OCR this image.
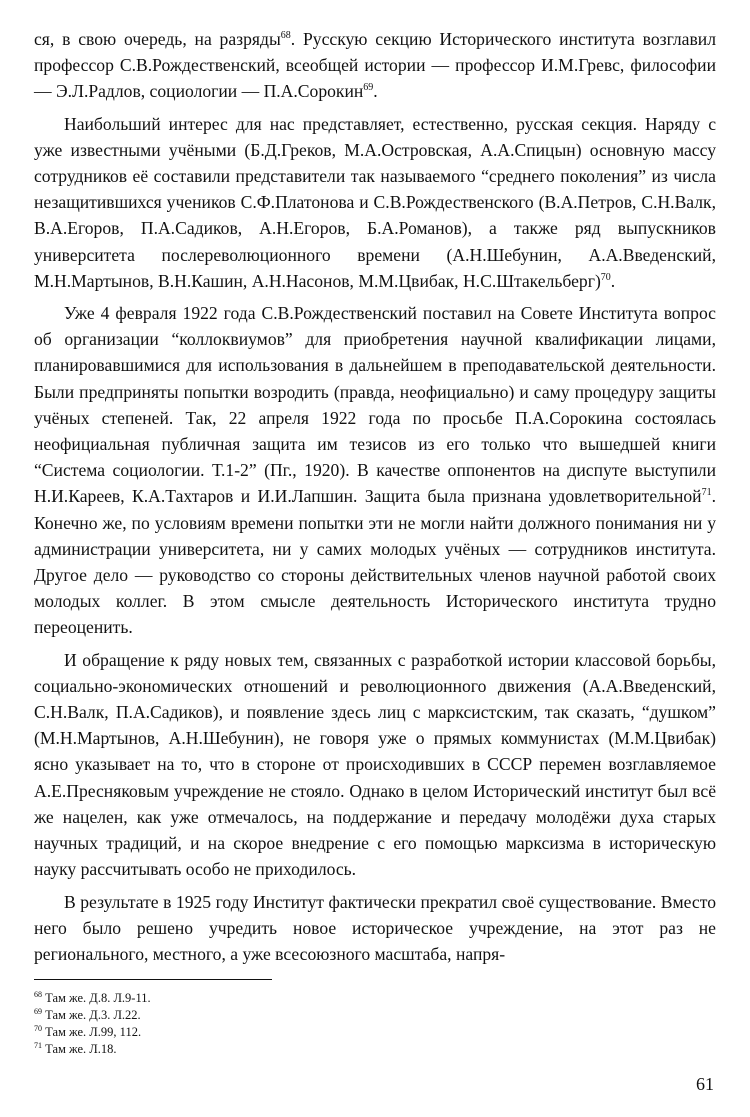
ся, в свою очередь, на разряды$^{68}$. Русскую секцию Исторического института возглавил профессор С.В.Рождественский, всеобщей истории — профессор И.М.Гревс, философии — Э.Л.Радлов, социологии — П.А.Сорокин$^{69}$.

Наибольший интерес для нас представляет, естественно, русская секция. Наряду с уже известными учёными (Б.Д.Греков, М.А.Островская, А.А.Спицын) основную массу сотрудников её составили представители так называемого “среднего поколения” из числа незащитившихся учеников С.Ф.Платонова и С.В.Рождественского (В.А.Петров, С.Н.Валк, В.А.Егоров, П.А.Садиков, А.Н.Егоров, Б.А.Романов), а также ряд выпускников университета послереволюционного времени (А.Н.Шебунин, А.А.Введенский, М.Н.Мартынов, В.Н.Кашин, А.Н.Насонов, М.М.Цвибак, Н.С.Штакельберг)$^{70}$.

Уже 4 февраля 1922 года С.В.Рождественский поставил на Совете Института вопрос об организации “коллоквиумов” для приобретения научной квалификации лицами, планировавшимися для использования в дальнейшем в преподавательской деятельности. Были предприняты попытки возродить (правда, неофициально) и саму процедуру защиты учёных степеней. Так, 22 апреля 1922 года по просьбе П.А.Сорокина состоялась неофициальная публичная защита им тезисов из его только что вышедшей книги “Система социологии. Т.1-2” (Пг., 1920). В качестве оппонентов на диспуте выступили Н.И.Кареев, К.А.Тахтаров и И.И.Лапшин. Защита была признана удовлетворительной$^{71}$. Конечно же, по условиям времени попытки эти не могли найти должного понимания ни у администрации университета, ни у самих молодых учёных — сотрудников института. Другое дело — руководство со стороны действительных членов научной работой своих молодых коллег. В этом смысле деятельность Исторического института трудно переоценить.

И обращение к ряду новых тем, связанных с разработкой истории классовой борьбы, социально-экономических отношений и революционного движения (А.А.Введенский, С.Н.Валк, П.А.Садиков), и появление здесь лиц с марксистским, так сказать, “душком” (М.Н.Мартынов, А.Н.Шебунин), не говоря уже о прямых коммунистах (М.М.Цвибак) ясно указывает на то, что в стороне от происходивших в СССР перемен возглавляемое А.Е.Пресняковым учреждение не стояло. Однако в целом Исторический институт был всё же нацелен, как уже отмечалось, на поддержание и передачу молодёжи духа старых научных традиций, и на скорое внедрение с его помощью марксизма в историческую науку рассчитывать особо не приходилось.

В результате в 1925 году Институт фактически прекратил своё существование. Вместо него было решено учредить новое историческое учреждение, на этот раз не регионального, местного, а уже всесоюзного масштаба, напря-

$^{68}$ Там же. Д.8. Л.9-11.

$^{69}$ Там же. Д.3. Л.22.

$^{70}$ Там же. Л.99, 112.

$^{71}$ Там же. Л.18.

61
